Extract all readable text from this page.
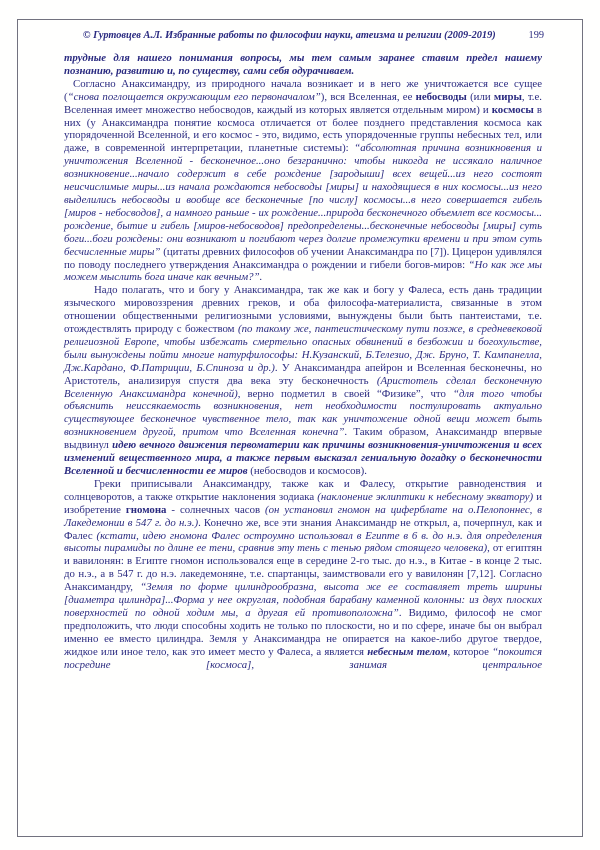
© Гуртовцев А.Л. Избранные работы по философии науки, атеизма и религии (2009-2019)	199

трудные для нашего понимания вопросы, мы тем самым заранее ставим предел нашему познанию, развитию и, по существу, сами себя одурачиваем.

Согласно Анаксимандру, из природного начала возникает и в него же уничтожается все сущее (“снова поглощается окружающим его первоначалом”), вся Вселенная, ее небосводы (или миры, т.е. Вселенная имеет множество небосводов, каждый из которых является отдельным миром) и космосы в них (у Анаксимандра понятие космоса отличается от более позднего представления космоса как упорядоченной Вселенной, и его космос - это, видимо, есть упорядоченные группы небесных тел, или даже, в современной интерпретации, планетные системы): “абсолютная причина возникновения и уничтожения Вселенной - бесконечное...оно безгранично: чтобы никогда не иссякало наличное возникновение...начало содержит в себе рождение [зародыши] всех вещей...из него состоят неисчислимые миры...из начала рождаются небосводы [миры] и находящиеся в них космосы...из него выделились небосводы и вообще все бесконечные [по числу] космосы...в него совершается гибель [миров - небосводов], а намного раньше - их рождение...природа бесконечного объемлет все космосы... рождение, бытие и гибель [миров-небосводов] предопределены...бесконечные небосводы [миры] суть боги...боги рождены: они возникают и погибают через долгие промежутки времени и при этом суть бесчисленные миры” (цитаты древних философов об учении Анаксимандра по [7]). Цицерон удивлялся по поводу последнего утверждения Анаксимандра о рождении и гибели богов-миров: “Но как же мы можем мыслить бога иначе как вечным?”.

Надо полагать, что и богу у Анаксимандра, так же как и богу у Фалеса, есть дань традиции языческого мировоззрения древних греков, и оба философа-материалиста, связанные в этом отношении общественными религиозными условиями, вынуждены были быть пантеистами, т.е. отождествлять природу с божеством (по такому же, пантеистическому пути позже, в средневековой религиозной Европе, чтобы избежать смертельно опасных обвинений в безбожии и богохульстве, были вынуждены пойти многие натурфилософы: Н.Кузанский, Б.Телезио, Дж. Бруно, Т. Кампанелла, Дж.Кардано, Ф.Патриции, Б.Спиноза и др.). У Анаксимандра апейрон и Вселенная бесконечны, но Аристотель, анализируя спустя два века эту бесконечность (Аристотель сделал бесконечную Вселенную Анаксимандра конечной), верно подметил в своей “Физике”, что “для того чтобы объяснить неиссякаемость возникновения, нет необходимости постулировать актуально существующее бесконечное чувственное тело, так как уничтожение одной вещи может быть возникновением другой, притом что Вселенная конечна”. Таким образом, Анаксимандр впервые выдвинул идею вечного движения первоматерии как причины возникновения-уничтожения и всех изменений вещественного мира, а также первым высказал гениальную догадку о бесконечности Вселенной и бесчисленности ее миров (небосводов и космосов).

Греки приписывали Анаксимандру, также как и Фалесу, открытие равноденствия и солнцеворотов, а также открытие наклонения зодиака (наклонение эклиптики к небесному экватору) и изобретение гномона - солнечных часов (он установил гномон на циферблате на о.Пелопоннес, в Лакедемонии в 547 г. до н.э.). Конечно же, все эти знания Анаксимандр не открыл, а, почерпнул, как и Фалес (кстати, идею гномона Фалес остроумно использовал в Египте в 6 в. до н.э. для определения высоты пирамиды по длине ее тени, сравнив эту тень с тенью рядом стоящего человека), от египтян и вавилонян: в Египте гномон использовался еще в середине 2-го тыс. до н.э., в Китае - в конце 2 тыс. до н.э., а в 547 г. до н.э. лакедемоняне, т.е. спартанцы, заимствовали его у вавилонян [7,12]. Согласно Анаксимандру, “Земля по форме цилиндрообразна, высота же ее составляет треть ширины [диаметра цилиндра]...Форма у нее округлая, подобная барабану каменной колонны: из двух плоских поверхностей по одной ходим мы, а другая ей противоположна”. Видимо, философ не смог предположить, что люди способны ходить не только по плоскости, но и по сфере, иначе бы он выбрал именно ее вместо цилиндра. Земля у Анаксимандра не опирается на какое-либо другое твердое, жидкое или иное тело, как это имеет место у Фалеса, а является небесным телом, которое “покоится посредине [космоса], занимая центральное
